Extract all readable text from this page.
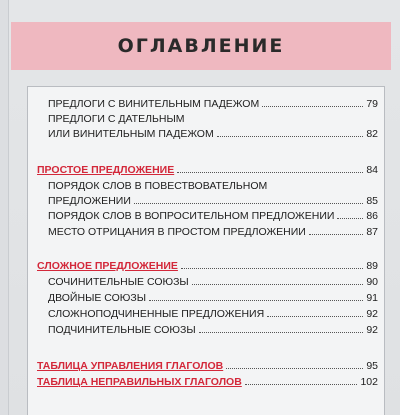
ОГЛАВЛЕНИЕ
ПРЕДЛОГИ С ВИНИТЕЛЬНЫМ ПАДЕЖОМ	79
ПРЕДЛОГИ С ДАТЕЛЬНЫМ
ИЛИ ВИНИТЕЛЬНЫМ ПАДЕЖОМ	82
ПРОСТОЕ ПРЕДЛОЖЕНИЕ	84
ПОРЯДОК СЛОВ В ПОВЕСТВОВАТЕЛЬНОМ
ПРЕДЛОЖЕНИИ	85
ПОРЯДОК СЛОВ В ВОПРОСИТЕЛЬНОМ ПРЕДЛОЖЕНИИ	86
МЕСТО ОТРИЦАНИЯ В ПРОСТОМ ПРЕДЛОЖЕНИИ	87
СЛОЖНОЕ ПРЕДЛОЖЕНИЕ	89
СОЧИНИТЕЛЬНЫЕ СОЮЗЫ	90
ДВОЙНЫЕ СОЮЗЫ	91
СЛОЖНОПОДЧИНЕННЫЕ ПРЕДЛОЖЕНИЯ	92
ПОДЧИНИТЕЛЬНЫЕ СОЮЗЫ	92
ТАБЛИЦА УПРАВЛЕНИЯ ГЛАГОЛОВ	95
ТАБЛИЦА НЕПРАВИЛЬНЫХ ГЛАГОЛОВ	102
